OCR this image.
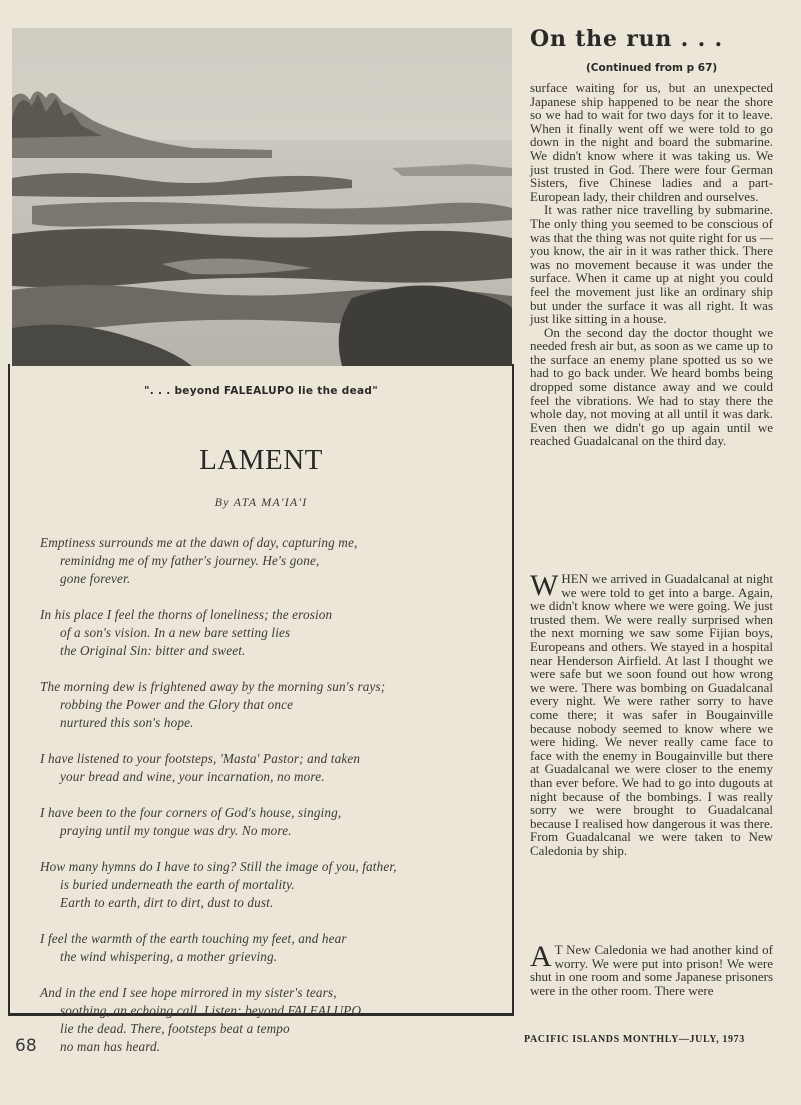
". . . beyond FALEALUPO lie the dead"
LAMENT
By ATA MA'IA'I
Emptiness surrounds me at the dawn of day, capturing me,
reminidng me of my father's journey. He's gone,
gone forever.
In his place I feel the thorns of loneliness; the erosion
of a son's vision. In a new bare setting lies
the Original Sin: bitter and sweet.
The morning dew is frightened away by the morning sun's rays;
robbing the Power and the Glory that once
nurtured this son's hope.
I have listened to your footsteps, 'Masta' Pastor; and taken
your bread and wine, your incarnation, no more.
I have been to the four corners of God's house, singing,
praying until my tongue was dry. No more.
How many hymns do I have to sing? Still the image of you, father,
is buried underneath the earth of mortality.
Earth to earth, dirt to dirt, dust to dust.
I feel the warmth of the earth touching my feet, and hear
the wind whispering, a mother grieving.
And in the end I see hope mirrored in my sister's tears,
soothing, an echoing call. Listen: beyond FALEALUPO
lie the dead. There, footsteps beat a tempo
no man has heard.
68
On the run . . .
(Continued from p 67)

surface waiting for us, but an unexpected Japanese ship happened to be near the shore so we had to wait for two days for it to leave. When it finally went off we were told to go down in the night and board the submarine. We didn't know where it was taking us. We just trusted in God. There were four German Sisters, five Chinese ladies and a part-European lady, their children and ourselves.

It was rather nice travelling by submarine. The only thing you seemed to be conscious of was that the thing was not quite right for us — you know, the air in it was rather thick. There was no movement because it was under the surface. When it came up at night you could feel the movement just like an ordinary ship but under the surface it was all right. It was just like sitting in a house.

On the second day the doctor thought we needed fresh air but, as soon as we came up to the surface an enemy plane spotted us so we had to go back under. We heard bombs being dropped some distance away and we could feel the vibrations. We had to stay there the whole day, not moving at all until it was dark. Even then we didn't go up again until we reached Guadalcanal on the third day.

WHEN we arrived in Guadalcanal at night we were told to get into a barge. Again, we didn't know where we were going. We just trusted them. We were really surprised when the next morning we saw some Fijian boys, Europeans and others. We stayed in a hospital near Henderson Airfield. At last I thought we were safe but we soon found out how wrong we were. There was bombing on Guadalcanal every night. We were rather sorry to have come there; it was safer in Bougainville because nobody seemed to know where we were hiding. We never really came face to face with the enemy in Bougainville but there at Guadalcanal we were closer to the enemy than ever before. We had to go into dugouts at night because of the bombings. I was really sorry we were brought to Guadalcanal because I realised how dangerous it was there. From Guadalcanal we were taken to New Caledonia by ship.

A T New Caledonia we had another kind of worry. We were put into prison! We were shut in one room and some Japanese prisoners were in the other room. There were

PACIFIC ISLANDS MONTHLY—JULY, 1973
